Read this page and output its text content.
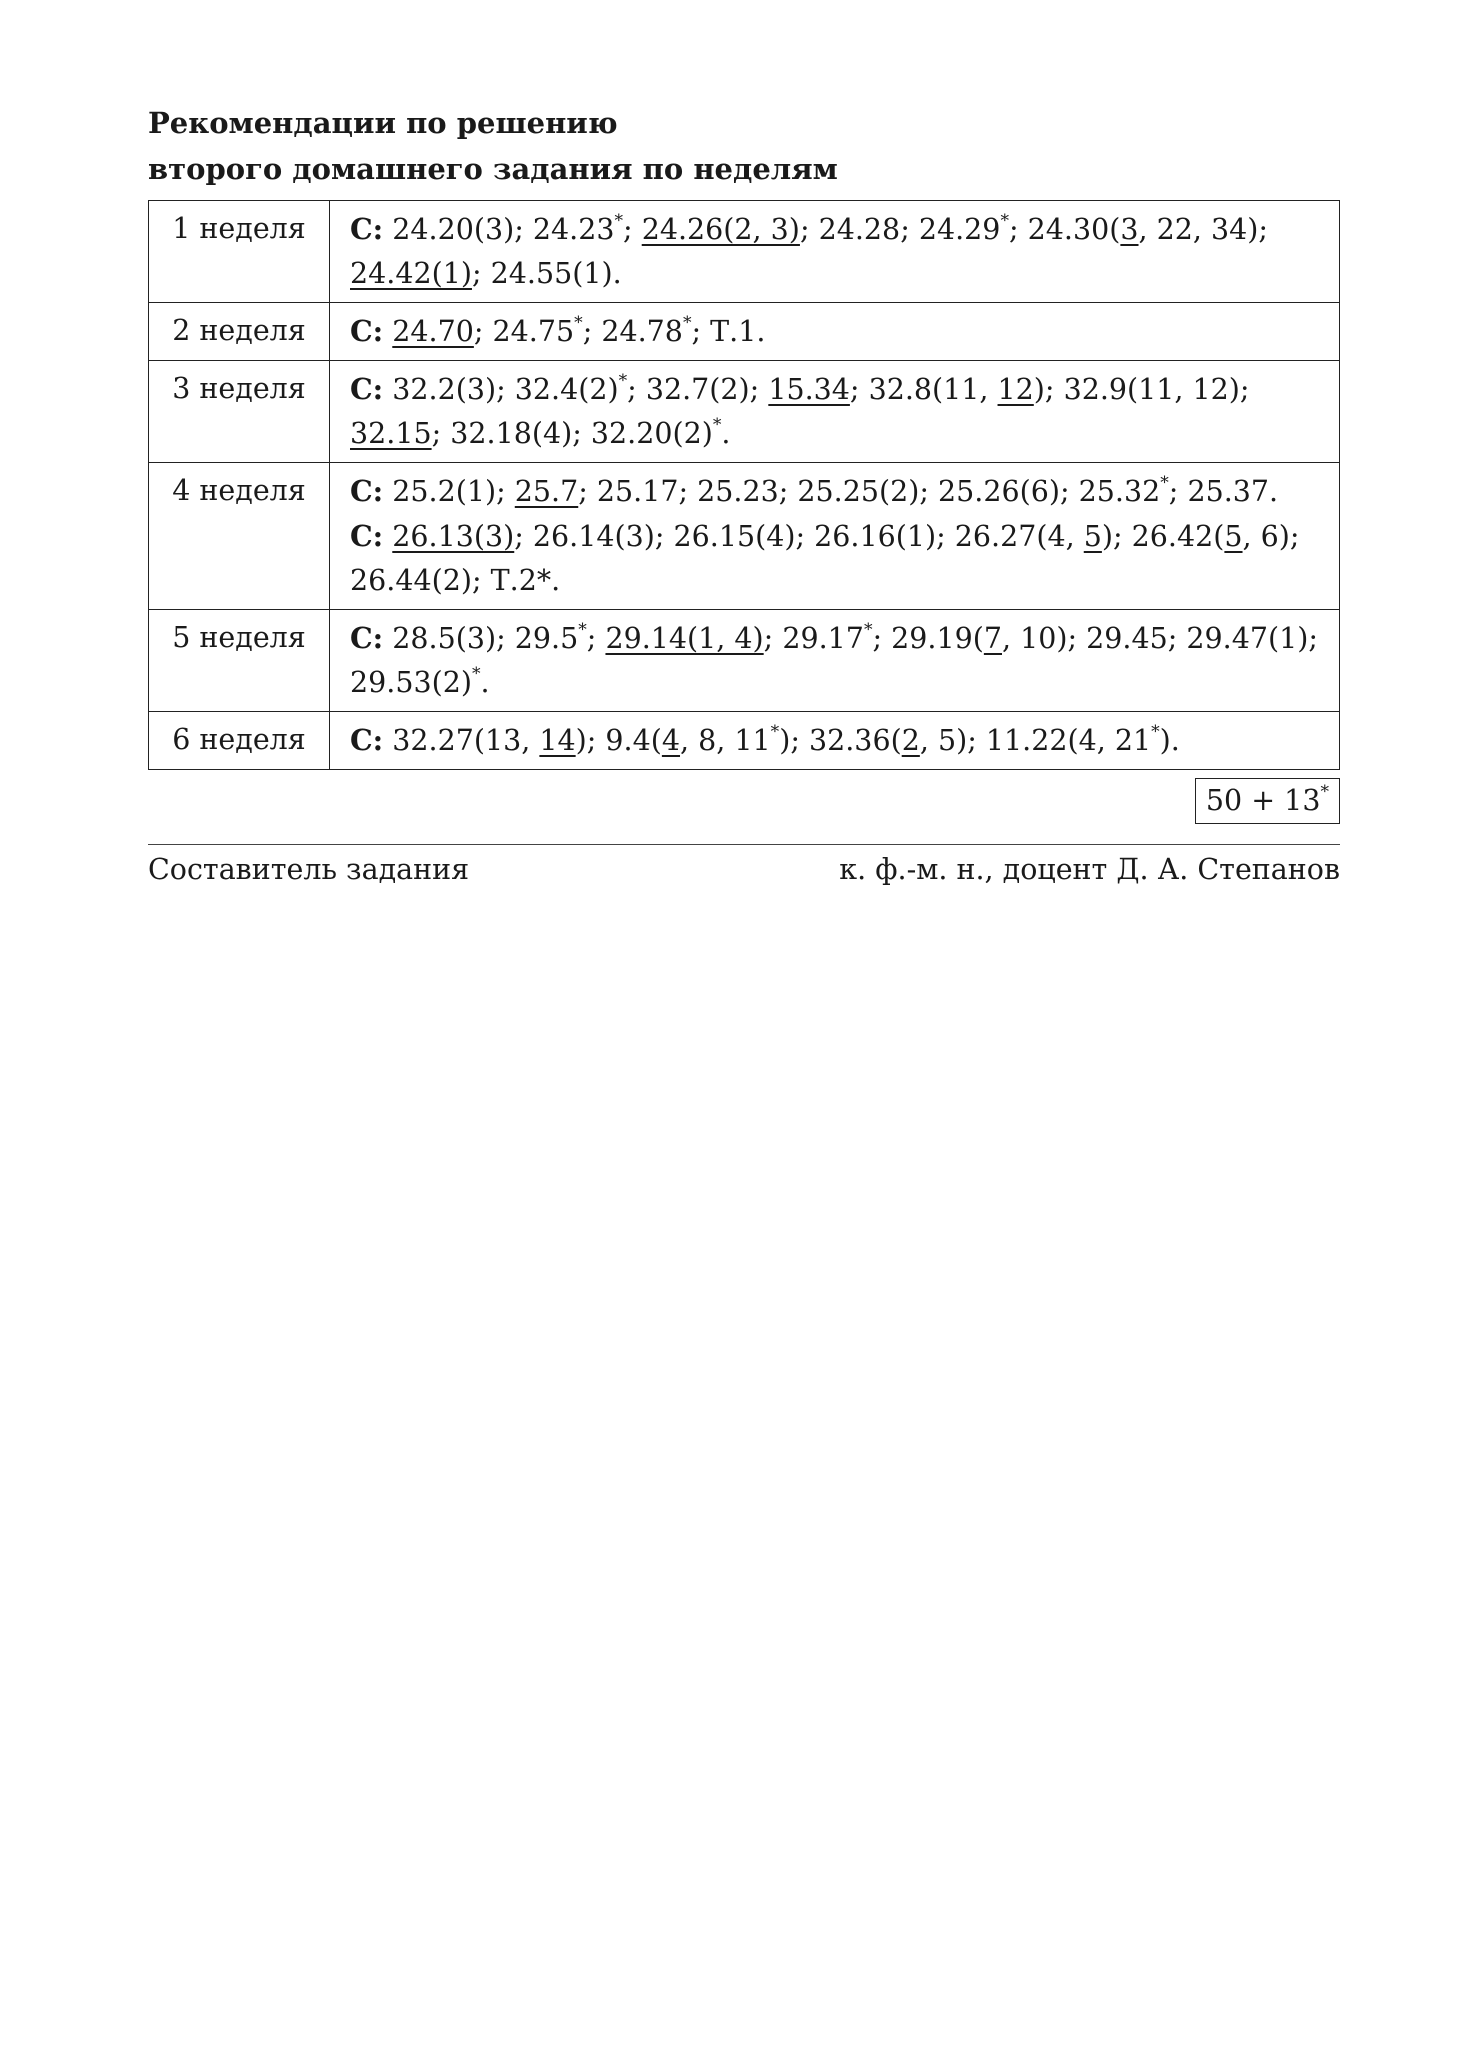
Рекомендации по решению

второго домашнего задания по неделям

1 неделя	С: 24.20(3); 24.23*; 24.26(2, 3); 24.28; 24.29*; 24.30(3, 22, 34);
24.42(1); 24.55(1).

2 неделя	С: 24.70; 24.75*; 24.78*; Т.1.

3 неделя	С: 32.2(3); 32.4(2)*; 32.7(2); 15.34; 32.8(11, 12); 32.9(11, 12);
32.15; 32.18(4); 32.20(2)*.

4 неделя	С: 25.2(1); 25.7; 25.17; 25.23; 25.25(2); 25.26(6); 25.32*; 25.37.
С: 26.13(3); 26.14(3); 26.15(4); 26.16(1); 26.27(4, 5); 26.42(5, 6);
26.44(2); Т.2*.

5 неделя	С: 28.5(3); 29.5*; 29.14(1, 4); 29.17*; 29.19(7, 10); 29.45; 29.47(1);
29.53(2)*.

6 неделя	С: 32.27(13, 14); 9.4(4, 8, 11*); 32.36(2, 5); 11.22(4, 21*).
50 + 13*
Составитель задания	к. ф.-м. н., доцент Д. А. Степанов
